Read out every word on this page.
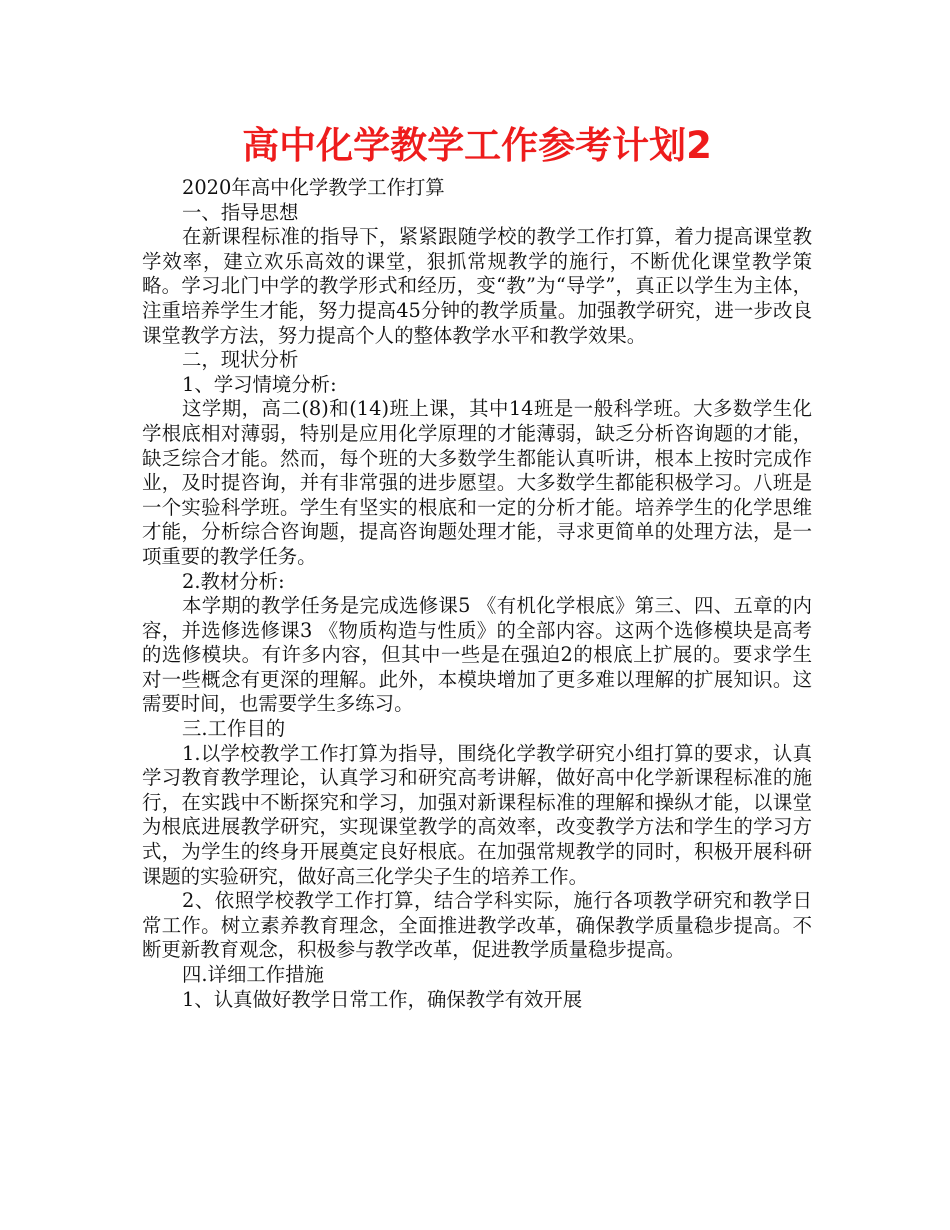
高中化学教学工作参考计划2

2020年高中化学教学工作打算

一、指导思想

在新课程标准的指导下，紧紧跟随学校的教学工作打算，着力提高课堂教学效率，建立欢乐高效的课堂，狠抓常规教学的施行，不断优化课堂教学策略。学习北门中学的教学形式和经历，变“教”为“导学”，真正以学生为主体，注重培养学生才能，努力提高45分钟的教学质量。加强教学研究，进一步改良课堂教学方法，努力提高个人的整体教学水平和教学效果。

二，现状分析

1、学习情境分析:

这学期，高二(8)和(14)班上课，其中14班是一般科学班。大多数学生化学根底相对薄弱，特别是应用化学原理的才能薄弱，缺乏分析咨询题的才能，缺乏综合才能。然而，每个班的大多数学生都能认真听讲，根本上按时完成作业，及时提咨询，并有非常强的进步愿望。大多数学生都能积极学习。八班是一个实验科学班。学生有坚实的根底和一定的分析才能。培养学生的化学思维才能，分析综合咨询题，提高咨询题处理才能，寻求更简单的处理方法，是一项重要的教学任务。

2.教材分析:

本学期的教学任务是完成选修课5 《有机化学根底》第三、四、五章的内容，并选修选修课3 《物质构造与性质》的全部内容。这两个选修模块是高考的选修模块。有许多内容，但其中一些是在强迫2的根底上扩展的。要求学生对一些概念有更深的理解。此外，本模块增加了更多难以理解的扩展知识。这需要时间，也需要学生多练习。

三.工作目的

1.以学校教学工作打算为指导，围绕化学教学研究小组打算的要求，认真学习教育教学理论，认真学习和研究高考讲解，做好高中化学新课程标准的施行，在实践中不断探究和学习，加强对新课程标准的理解和操纵才能，以课堂为根底进展教学研究，实现课堂教学的高效率，改变教学方法和学生的学习方式，为学生的终身开展奠定良好根底。在加强常规教学的同时，积极开展科研课题的实验研究，做好高三化学尖子生的培养工作。

2、依照学校教学工作打算，结合学科实际，施行各项教学研究和教学日常工作。树立素养教育理念，全面推进教学改革，确保教学质量稳步提高。不断更新教育观念，积极参与教学改革，促进教学质量稳步提高。

四.详细工作措施

1、认真做好教学日常工作，确保教学有效开展
